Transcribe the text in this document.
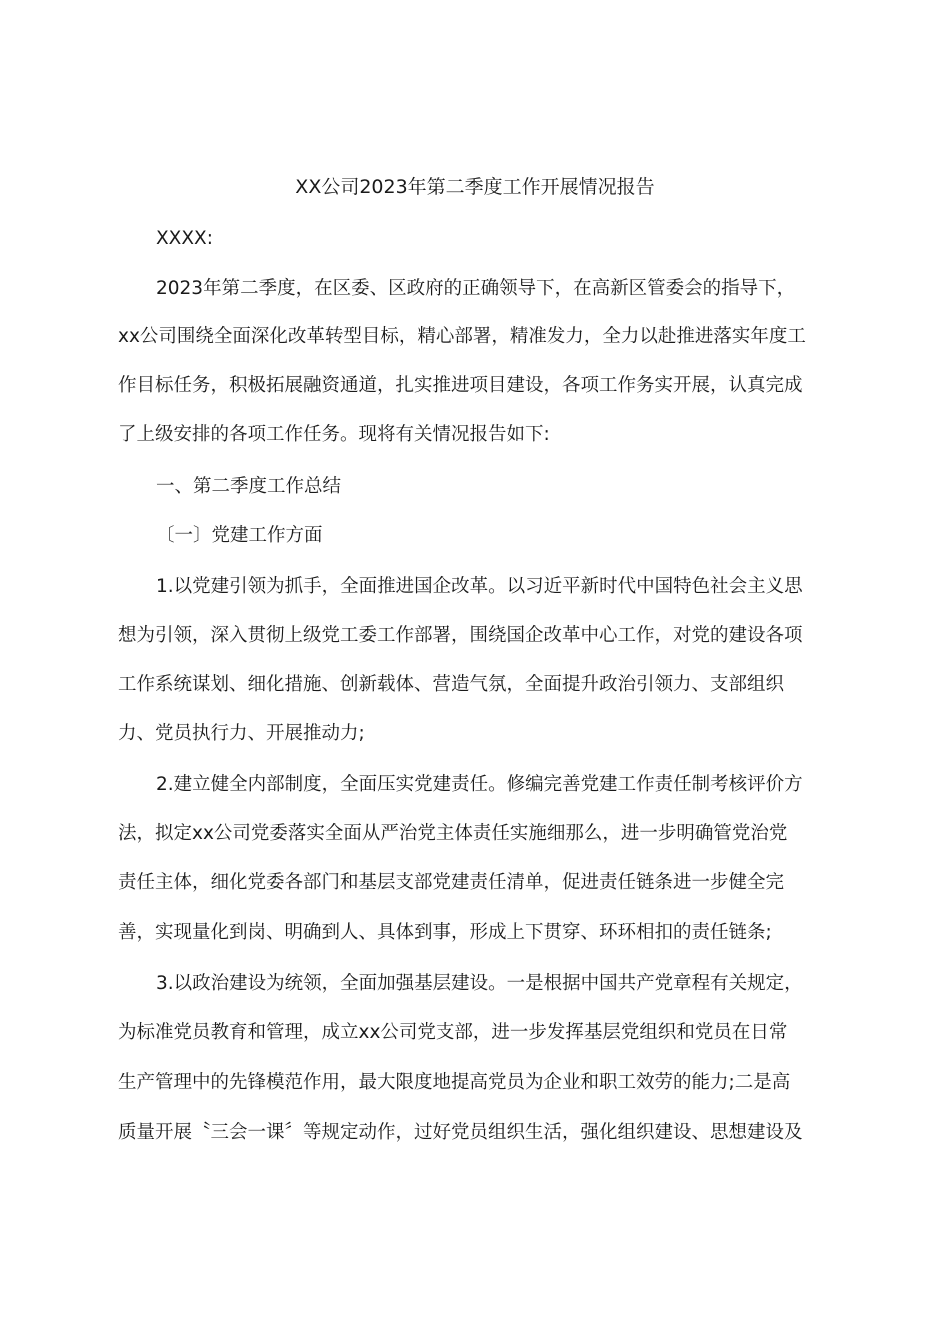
XX公司2023年第二季度工作开展情况报告
XXXX:
2023年第二季度，在区委、区政府的正确领导下，在高新区管委会的指导下，
xx公司围绕全面深化改革转型目标，精心部署，精准发力，全力以赴推进落实年度工
作目标任务，积极拓展融资通道，扎实推进项目建设，各项工作务实开展，认真完成
了上级安排的各项工作任务。现将有关情况报告如下:
一、第二季度工作总结
〔一〕党建工作方面
1.以党建引领为抓手，全面推进国企改革。以习近平新时代中国特色社会主义思
想为引领，深入贯彻上级党工委工作部署，围绕国企改革中心工作，对党的建设各项
工作系统谋划、细化措施、创新载体、营造气氛，全面提升政治引领力、支部组织
力、党员执行力、开展推动力;
2.建立健全内部制度，全面压实党建责任。修编完善党建工作责任制考核评价方
法，拟定xx公司党委落实全面从严治党主体责任实施细那么，进一步明确管党治党
责任主体，细化党委各部门和基层支部党建责任清单，促进责任链条进一步健全完
善，实现量化到岗、明确到人、具体到事，形成上下贯穿、环环相扣的责任链条;
3.以政治建设为统领，全面加强基层建设。一是根据中国共产党章程有关规定，
为标准党员教育和管理，成立xx公司党支部，进一步发挥基层党组织和党员在日常
生产管理中的先锋模范作用，最大限度地提高党员为企业和职工效劳的能力;二是高
质量开展〝三会一课〞等规定动作，过好党员组织生活，强化组织建设、思想建设及
